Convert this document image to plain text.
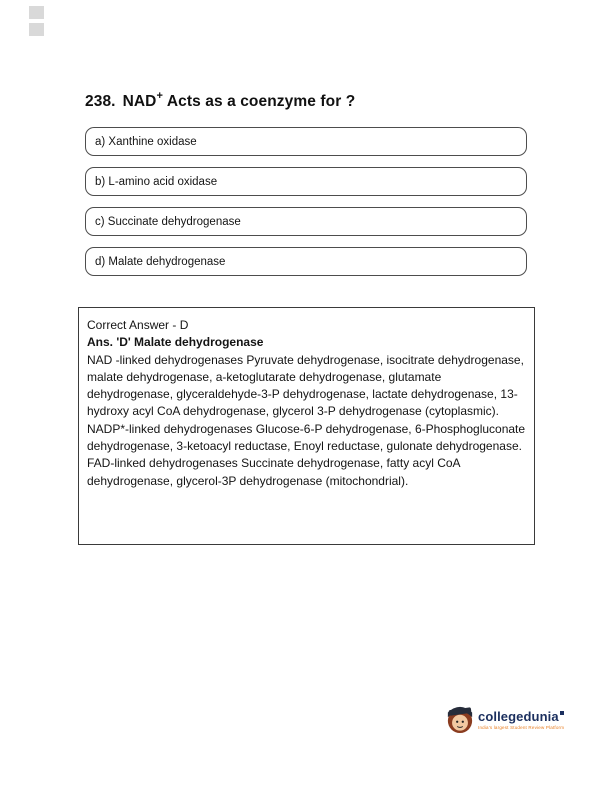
238. NAD+ Acts as a coenzyme for ?
a) Xanthine oxidase
b) L-amino acid oxidase
c) Succinate dehydrogenase
d) Malate dehydrogenase
Correct Answer - D
Ans. 'D' Malate dehydrogenase
NAD -linked dehydrogenases Pyruvate dehydrogenase, isocitrate dehydrogenase, malate dehydrogenase, a-ketoglutarate dehydrogenase, glutamate dehydrogenase, glyceraldehyde-3-P dehydrogenase, lactate dehydrogenase, 13-hydroxy acyl CoA dehydrogenase, glycerol 3-P dehydrogenase (cytoplasmic).
NADP*-linked dehydrogenases Glucose-6-P dehydrogenase, 6-Phosphogluconate dehydrogenase, 3-ketoacyl reductase, Enoyl reductase, gulonate dehydrogenase.
FAD-linked dehydrogenases Succinate dehydrogenase, fatty acyl CoA dehydrogenase, glycerol-3P dehydrogenase (mitochondrial).
collegedunia
India's largest Student Review Platform
